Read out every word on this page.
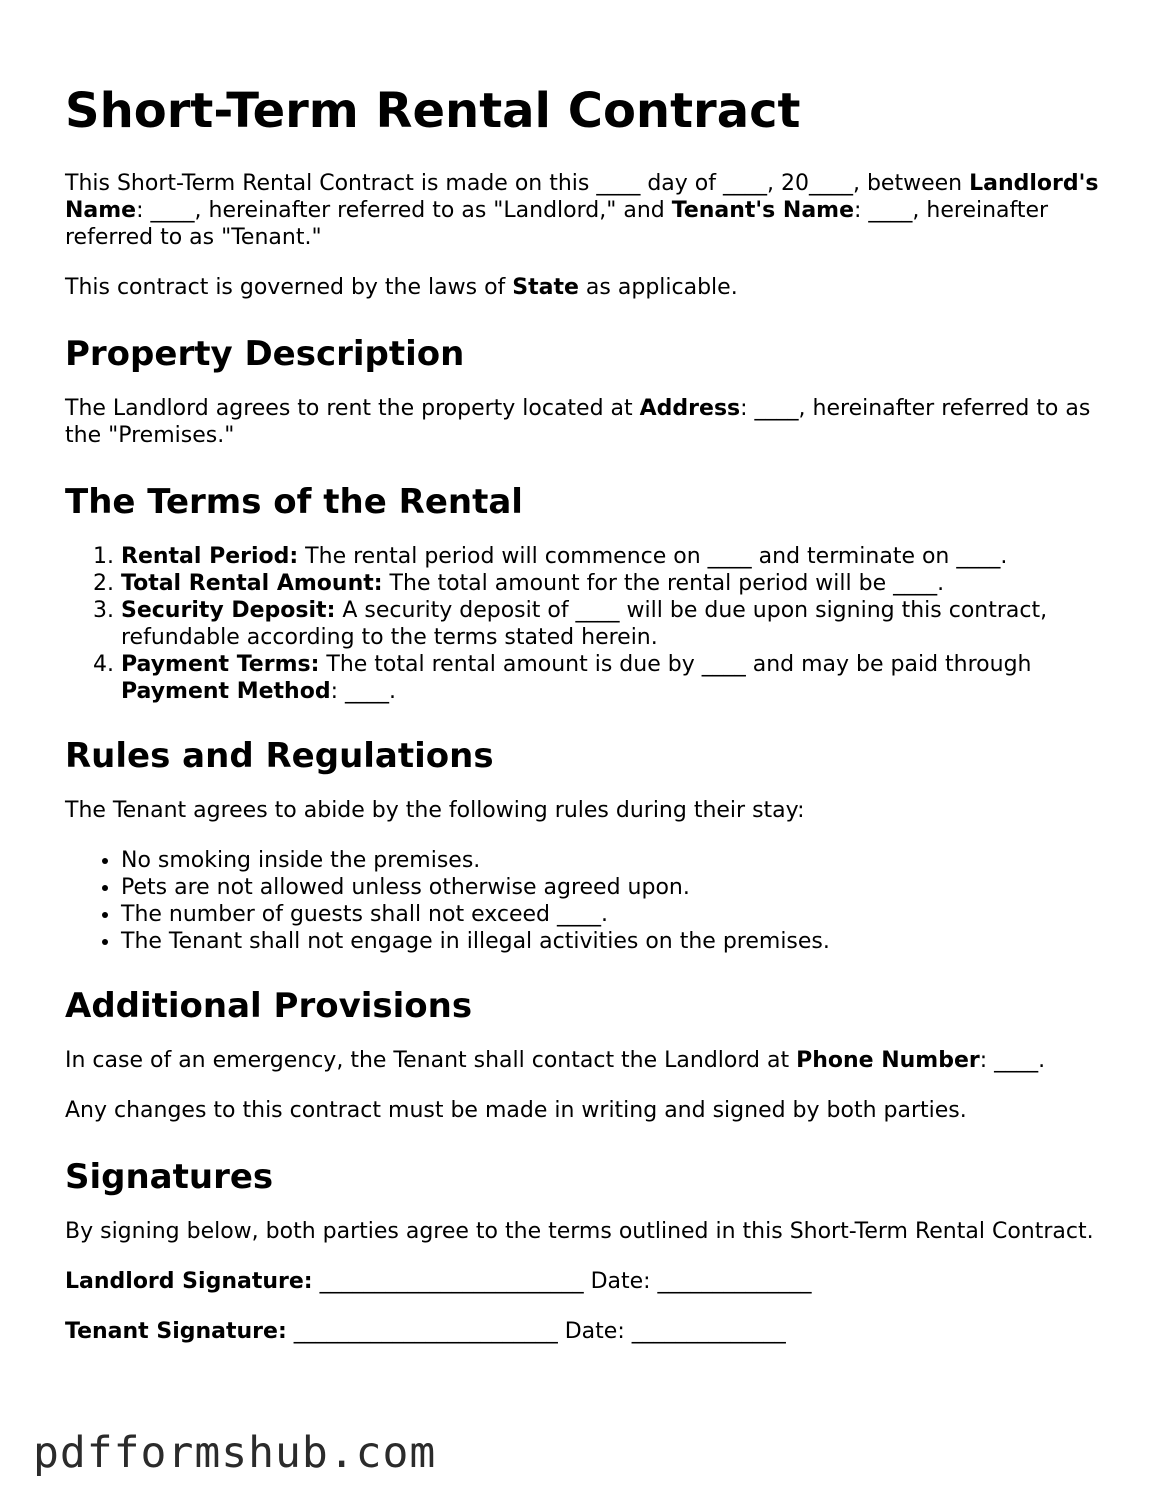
Short-Term Rental Contract

This Short-Term Rental Contract is made on this ____ day of ____, 20____, between Landlord's Name: ____, hereinafter referred to as "Landlord," and Tenant's Name: ____, hereinafter referred to as "Tenant."

This contract is governed by the laws of State as applicable.

Property Description

The Landlord agrees to rent the property located at Address: ____, hereinafter referred to as the "Premises."

The Terms of the Rental
1. Rental Period: The rental period will commence on ____ and terminate on ____.
2. Total Rental Amount: The total amount for the rental period will be ____.
3. Security Deposit: A security deposit of ____ will be due upon signing this contract, refundable according to the terms stated herein.
4. Payment Terms: The total rental amount is due by ____ and may be paid through Payment Method: ____.
Rules and Regulations

The Tenant agrees to abide by the following rules during their stay:

• No smoking inside the premises.
• Pets are not allowed unless otherwise agreed upon.
• The number of guests shall not exceed ____.
• The Tenant shall not engage in illegal activities on the premises.
Additional Provisions

In case of an emergency, the Tenant shall contact the Landlord at Phone Number: ____.

Any changes to this contract must be made in writing and signed by both parties.

Signatures

By signing below, both parties agree to the terms outlined in this Short-Term Rental Contract.

Landlord Signature: ________________________ Date: ______________

Tenant Signature: ________________________ Date: ______________

pdfformshub.com
